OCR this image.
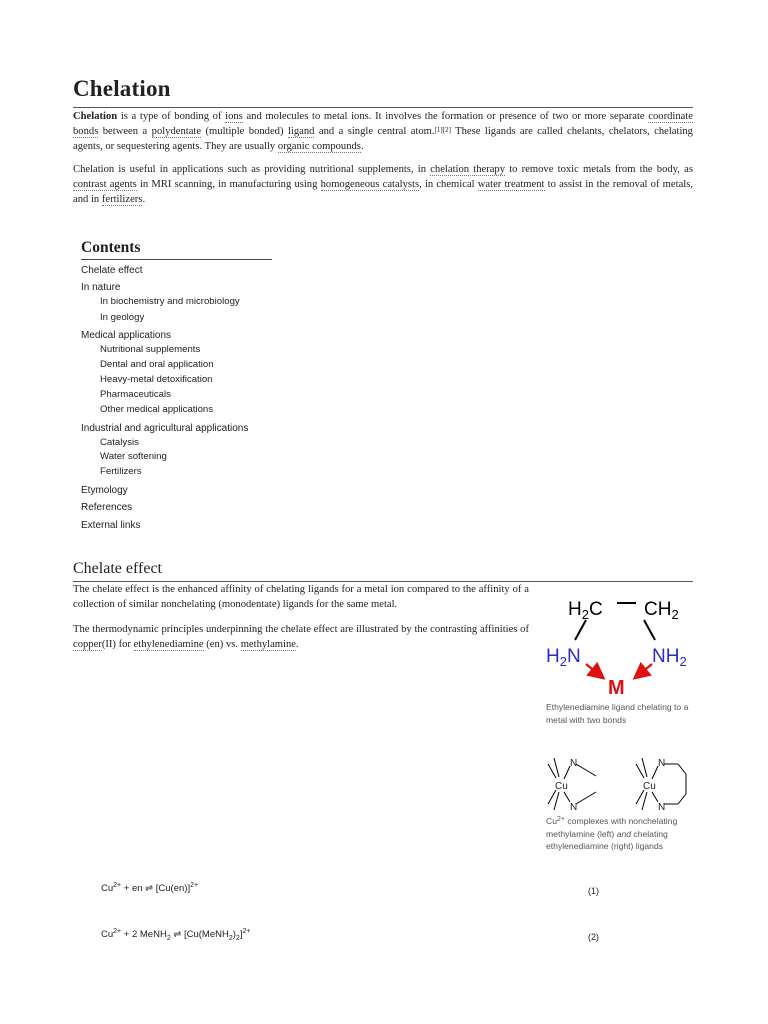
Chelation

Chelation is a type of bonding of ions and molecules to metal ions. It involves the formation or presence of two or more separate coordinate bonds between a polydentate (multiple bonded) ligand and a single central atom.[1][2] These ligands are called chelants, chelators, chelating agents, or sequestering agents. They are usually organic compounds.

Chelation is useful in applications such as providing nutritional supplements, in chelation therapy to remove toxic metals from the body, as contrast agents in MRI scanning, in manufacturing using homogeneous catalysts, in chemical water treatment to assist in the removal of metals, and in fertilizers.

Contents
Chelate effect
In nature
In biochemistry and microbiology
In geology
Medical applications
Nutritional supplements
Dental and oral application
Heavy-metal detoxification
Pharmaceuticals
Other medical applications
Industrial and agricultural applications
Catalysis
Water softening
Fertilizers
Etymology
References
External links
Chelate effect

The chelate effect is the enhanced affinity of chelating ligands for a metal ion compared to the affinity of a collection of similar nonchelating (monodentate) ligands for the same metal.

The thermodynamic principles underpinning the chelate effect are illustrated by the contrasting affinities of copper(II) for ethylenediamine (en) vs. methylamine.

$H_2C$ $CH_2$
$H_2N$	$NH_2$
M
Ethylenediamine ligand chelating to a metal with two bonds
N
Cu
N
N
Cu
N
$Cu^{2+}$ complexes with nonchelating methylamine (left) and chelating ethylenediamine (right) ligands
$Cu^{2+}$ + en ⇌ $[Cu(en)]^{2+}$
(1)
$Cu^{2+} + 2$ MeNH$_2$ ⇌ $[Cu(MeNH_2)_2]^{2+}$
(2)
